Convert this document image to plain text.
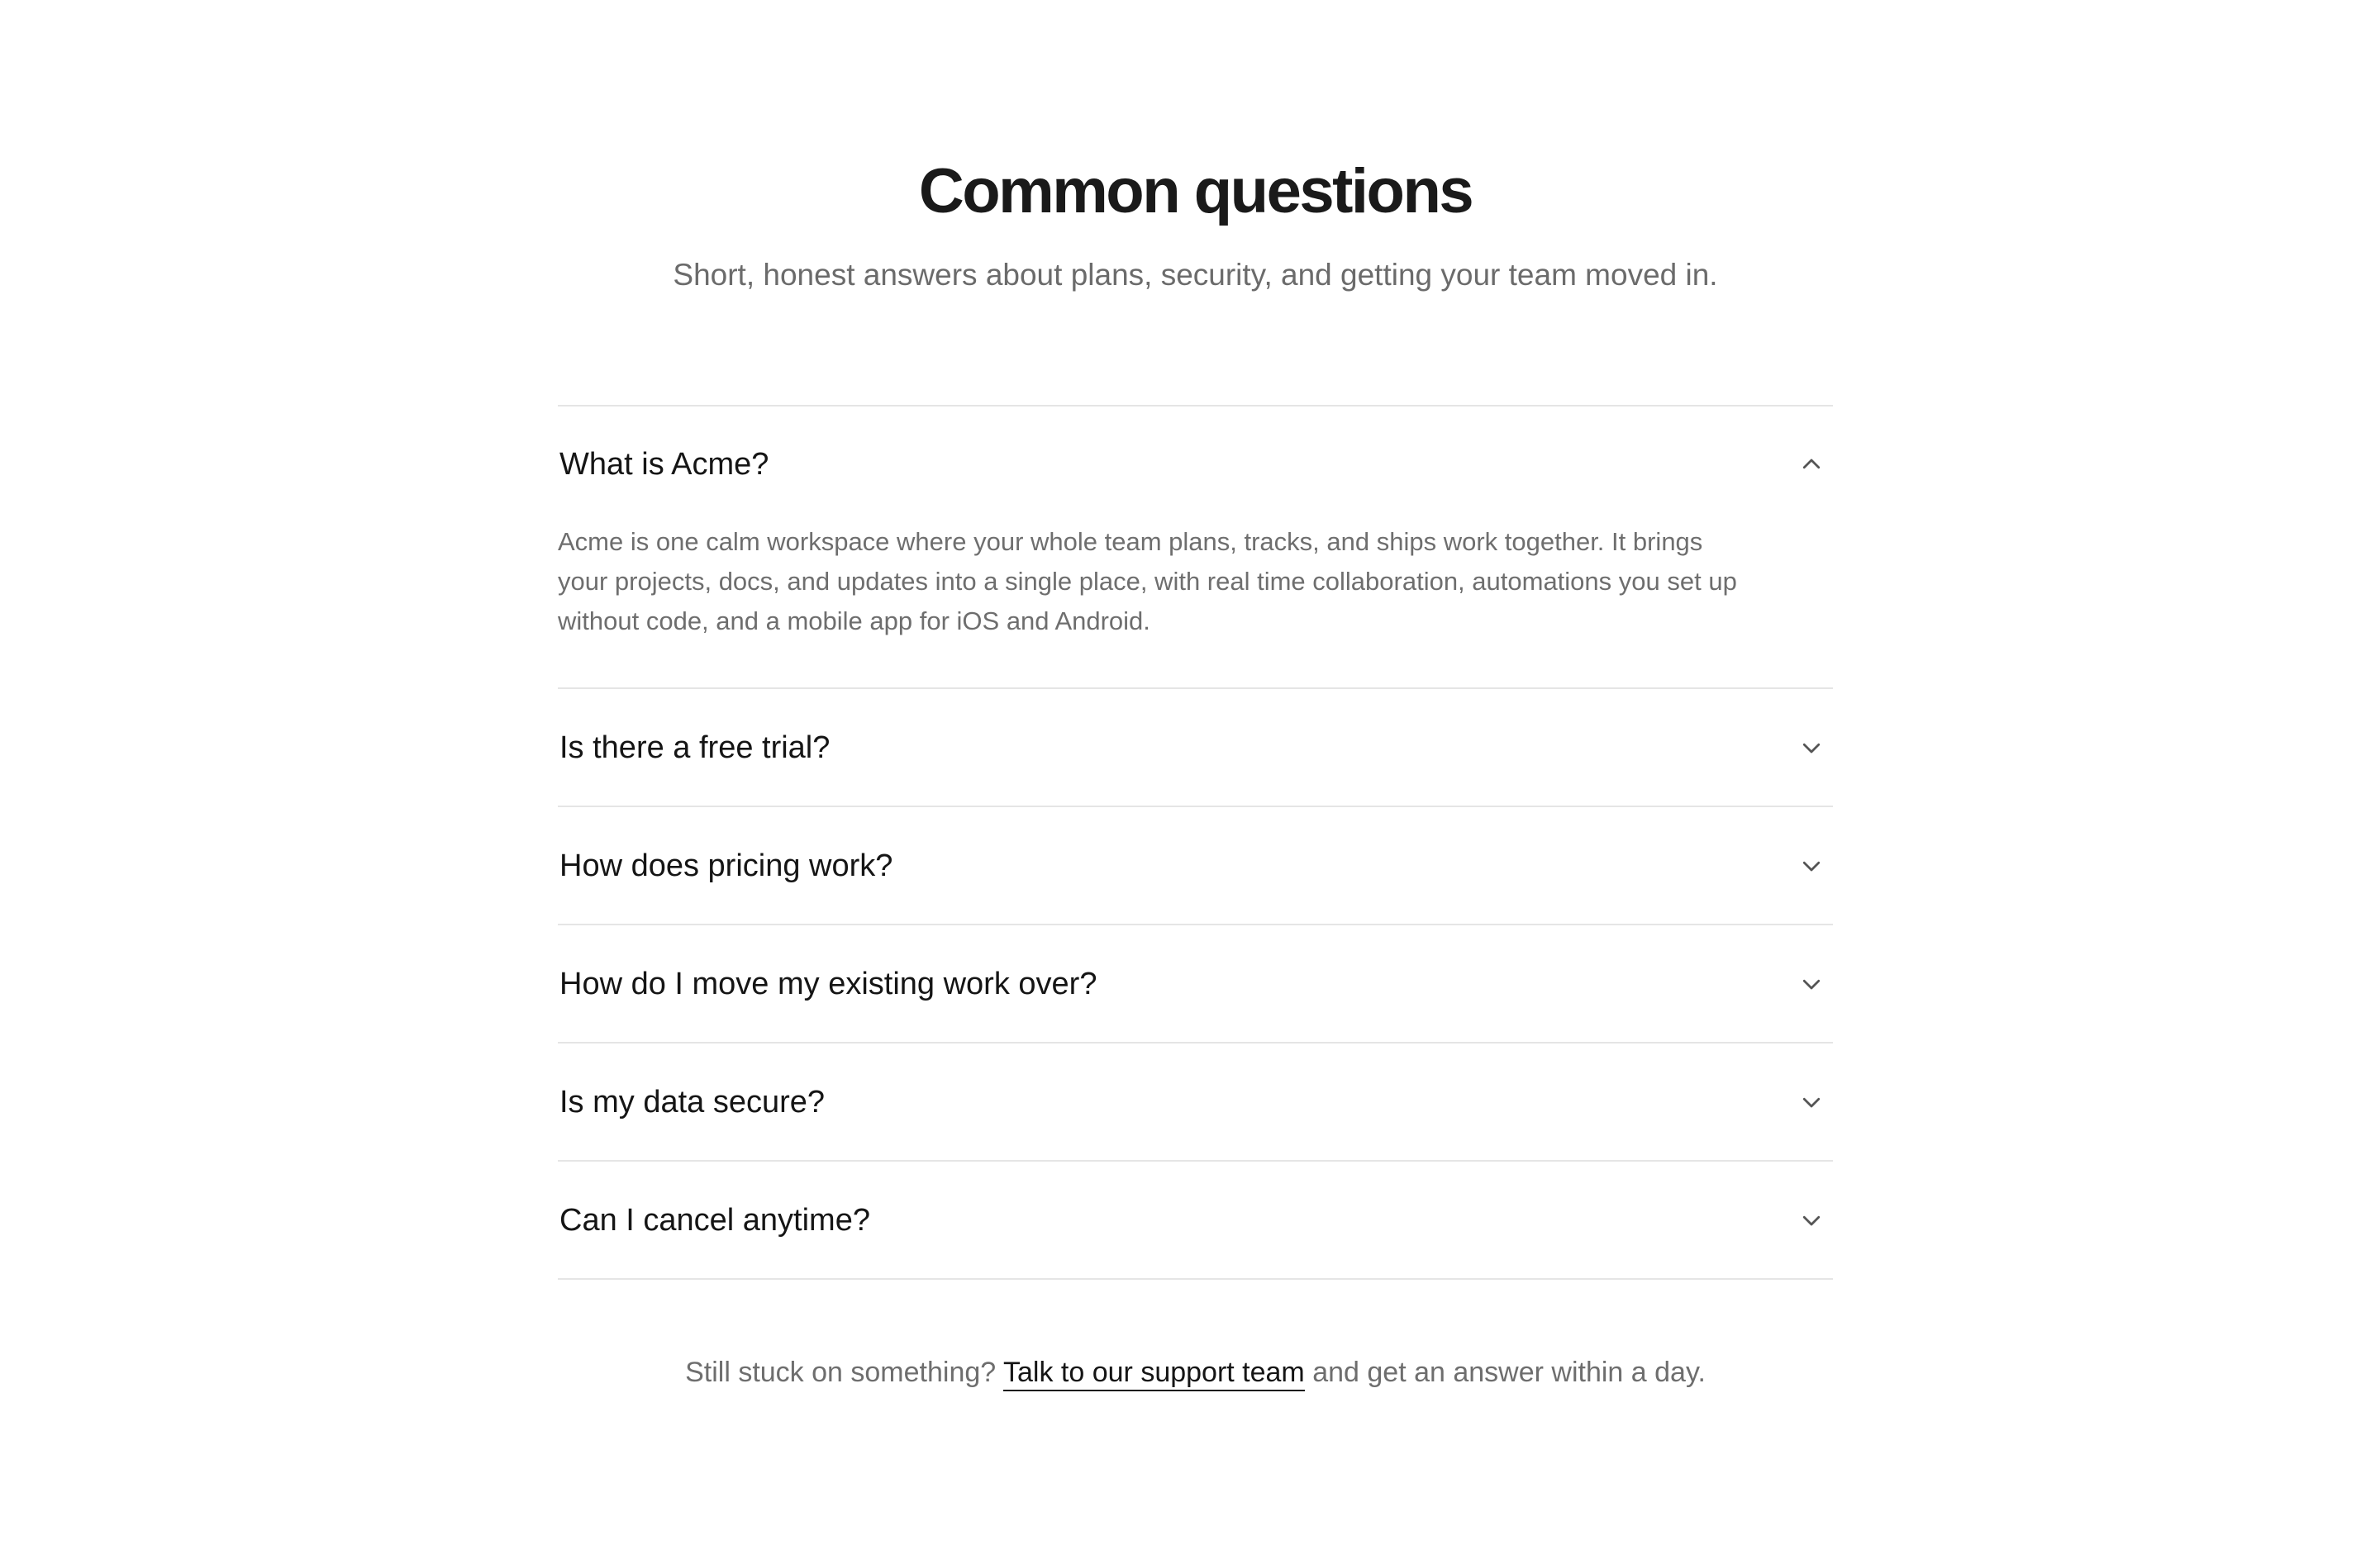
Common questions

Short, honest answers about plans, security, and getting your team moved in.

What is Acme?

Acme is one calm workspace where your whole team plans, tracks, and ships work together. It brings your projects, docs, and updates into a single place, with real time collaboration, automations you set up without code, and a mobile app for iOS and Android.

Is there a free trial?
How does pricing work?
How do I move my existing work over?
Is my data secure?
Can I cancel anytime?

Still stuck on something? Talk to our support team and get an answer within a day.
